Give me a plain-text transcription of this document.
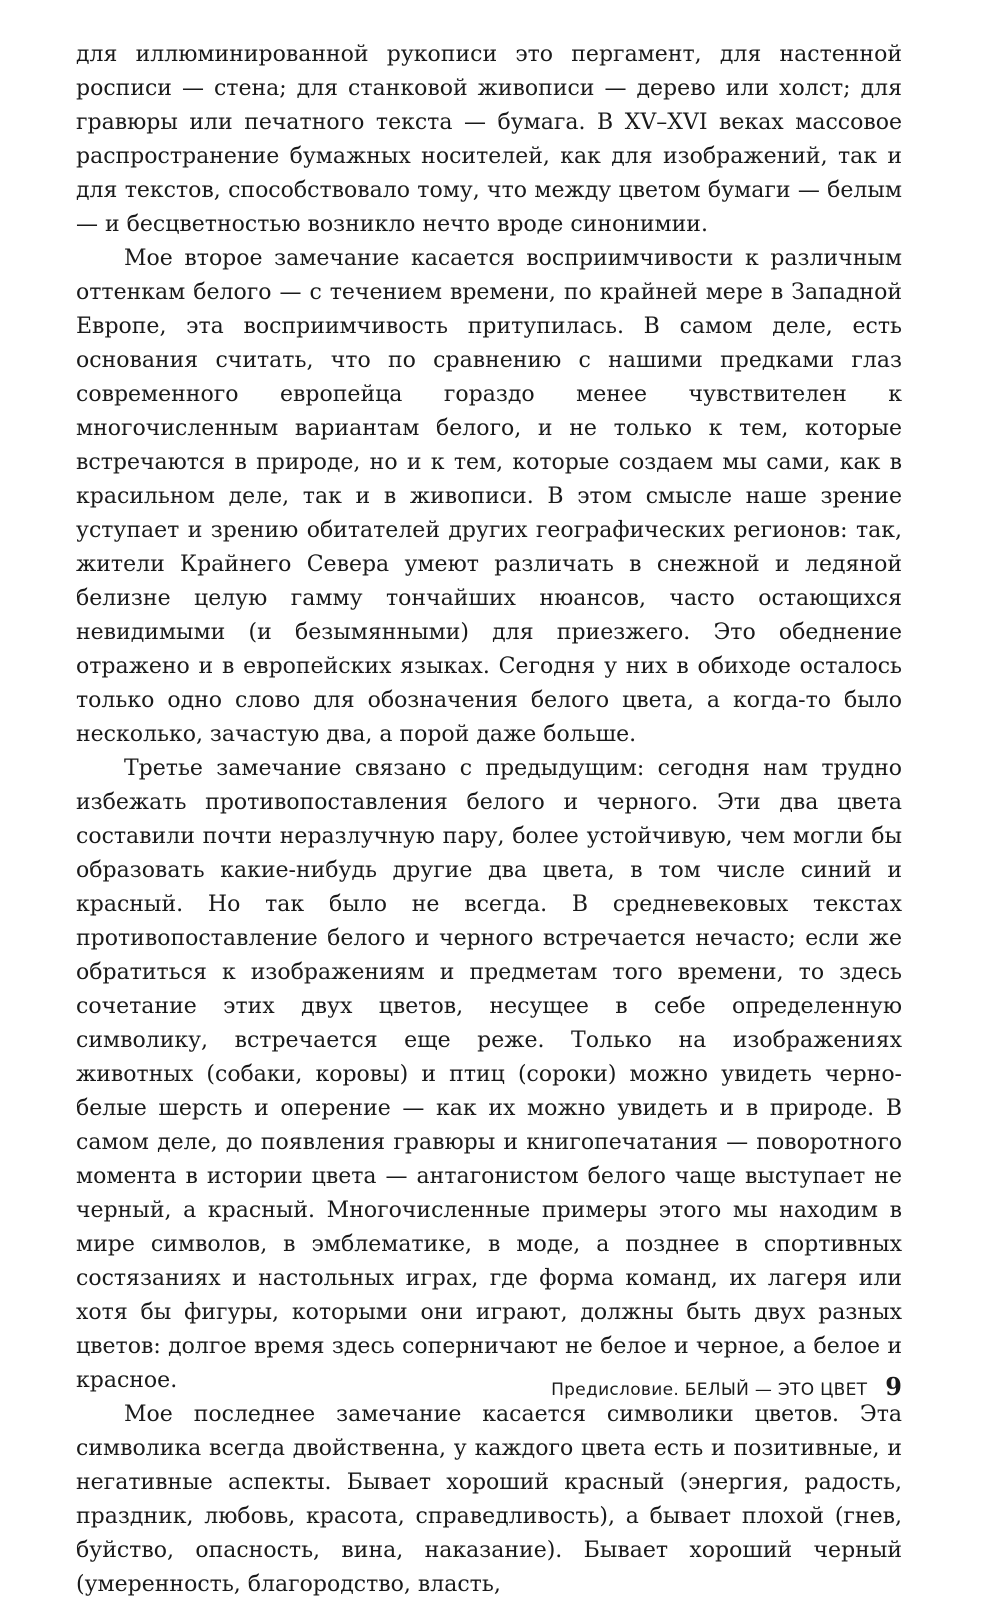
для иллюминированной рукописи это пергамент, для настенной росписи — стена; для станковой живописи — дерево или холст; для гравюры или печатного текста — бумага. В XV–XVI веках массовое распространение бумажных носителей, как для изображений, так и для текстов, способствовало тому, что между цветом бумаги — белым — и бесцветностью возникло нечто вроде синонимии.

Мое второе замечание касается восприимчивости к различным оттенкам белого — с течением времени, по крайней мере в Западной Европе, эта восприимчивость притупилась. В самом деле, есть основания считать, что по сравнению с нашими предками глаз современного европейца гораздо менее чувствителен к многочисленным вариантам белого, и не только к тем, которые встречаются в природе, но и к тем, которые создаем мы сами, как в красильном деле, так и в живописи. В этом смысле наше зрение уступает и зрению обитателей других географических регионов: так, жители Крайнего Севера умеют различать в снежной и ледяной белизне целую гамму тончайших нюансов, часто остающихся невидимыми (и безымянными) для приезжего. Это обеднение отражено и в европейских языках. Сегодня у них в обиходе осталось только одно слово для обозначения белого цвета, а когда-то было несколько, зачастую два, а порой даже больше.

Третье замечание связано с предыдущим: сегодня нам трудно избежать противопоставления белого и черного. Эти два цвета составили почти неразлучную пару, более устойчивую, чем могли бы образовать какие-нибудь другие два цвета, в том числе синий и красный. Но так было не всегда. В средневековых текстах противопоставление белого и черного встречается нечасто; если же обратиться к изображениям и предметам того времени, то здесь сочетание этих двух цветов, несущее в себе определенную символику, встречается еще реже. Только на изображениях животных (собаки, коровы) и птиц (сороки) можно увидеть черно-белые шерсть и оперение — как их можно увидеть и в природе. В самом деле, до появления гравюры и книгопечатания — поворотного момента в истории цвета — антагонистом белого чаще выступает не черный, а красный. Многочисленные примеры этого мы находим в мире символов, в эмблематике, в моде, а позднее в спортивных состязаниях и настольных играх, где форма команд, их лагеря или хотя бы фигуры, которыми они играют, должны быть двух разных цветов: долгое время здесь соперничают не белое и черное, а белое и красное.

Мое последнее замечание касается символики цветов. Эта символика всегда двойственна, у каждого цвета есть и позитивные, и негативные аспекты. Бывает хороший красный (энергия, радость, праздник, любовь, красота, справедливость), а бывает плохой (гнев, буйство, опасность, вина, наказание). Бывает хороший черный (умеренность, благородство, власть,

Предисловие. БЕЛЫЙ — ЭТО ЦВЕТ 9
